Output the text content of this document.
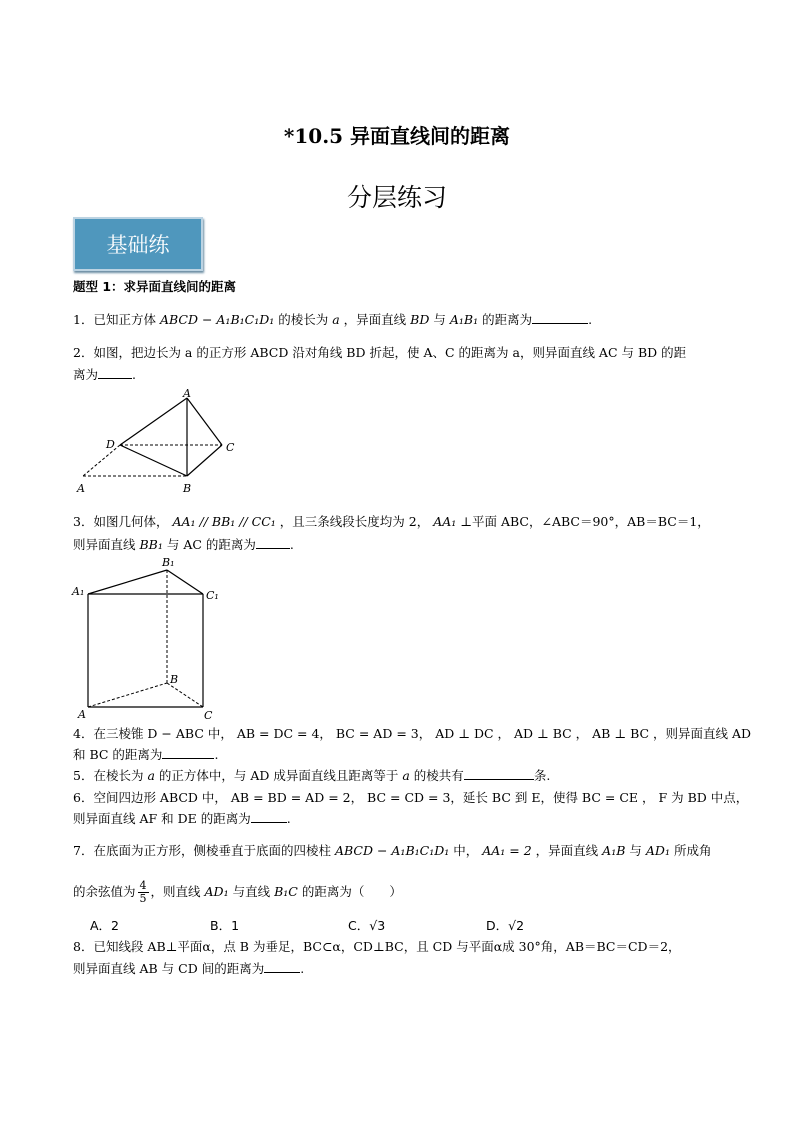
*10.5 异面直线间的距离
分层练习
基础练
题型 1：求异面直线间的距离
1．已知正方体 ABCD − A₁B₁C₁D₁ 的棱长为 a ，异面直线 BD 与 A₁B₁ 的距离为	.
2．如图，把边长为 a 的正方形 ABCD 沿对角线 BD 折起，使 A、C 的距离为 a，则异面直线 AC 与 BD 的距
离为	.
A
D	C
A	B
3．如图几何体， AA₁ // BB₁ // CC₁ ，且三条线段长度均为 2， AA₁ ⊥平面 ABC，∠ABC＝90°，AB＝BC＝1，
则异面直线 BB₁ 与 AC 的距离为	.
B₁
A₁	C₁
B
A	C
4．在三棱锥 D − ABC 中， AB = DC = 4， BC = AD = 3， AD ⊥ DC ， AD ⊥ BC ， AB ⊥ BC ，则异面直线 AD
和 BC 的距离为	.
5．在棱长为 a 的正方体中，与 AD 成异面直线且距离等于 a 的棱共有	条.
6．空间四边形 ABCD 中， AB = BD = AD = 2， BC = CD = 3，延长 BC 到 E，使得 BC = CE ， F 为 BD 中点，
则异面直线 AF 和 DE 的距离为	.
7．在底面为正方形，侧棱垂直于底面的四棱柱 ABCD − A₁B₁C₁D₁ 中， AA₁ = 2 ，异面直线 A₁B 与 AD₁ 所成角
的余弦值为 $\frac{4}{5}$ ，则直线 AD₁ 与直线 B₁C 的距离为（　　）
A．2	B．1	C．√3	D．√2
8．已知线段 AB⊥平面α，点 B 为垂足，BC⊂α，CD⊥BC，且 CD 与平面α成 30°角，AB＝BC＝CD＝2，
则异面直线 AB 与 CD 间的距离为	.
